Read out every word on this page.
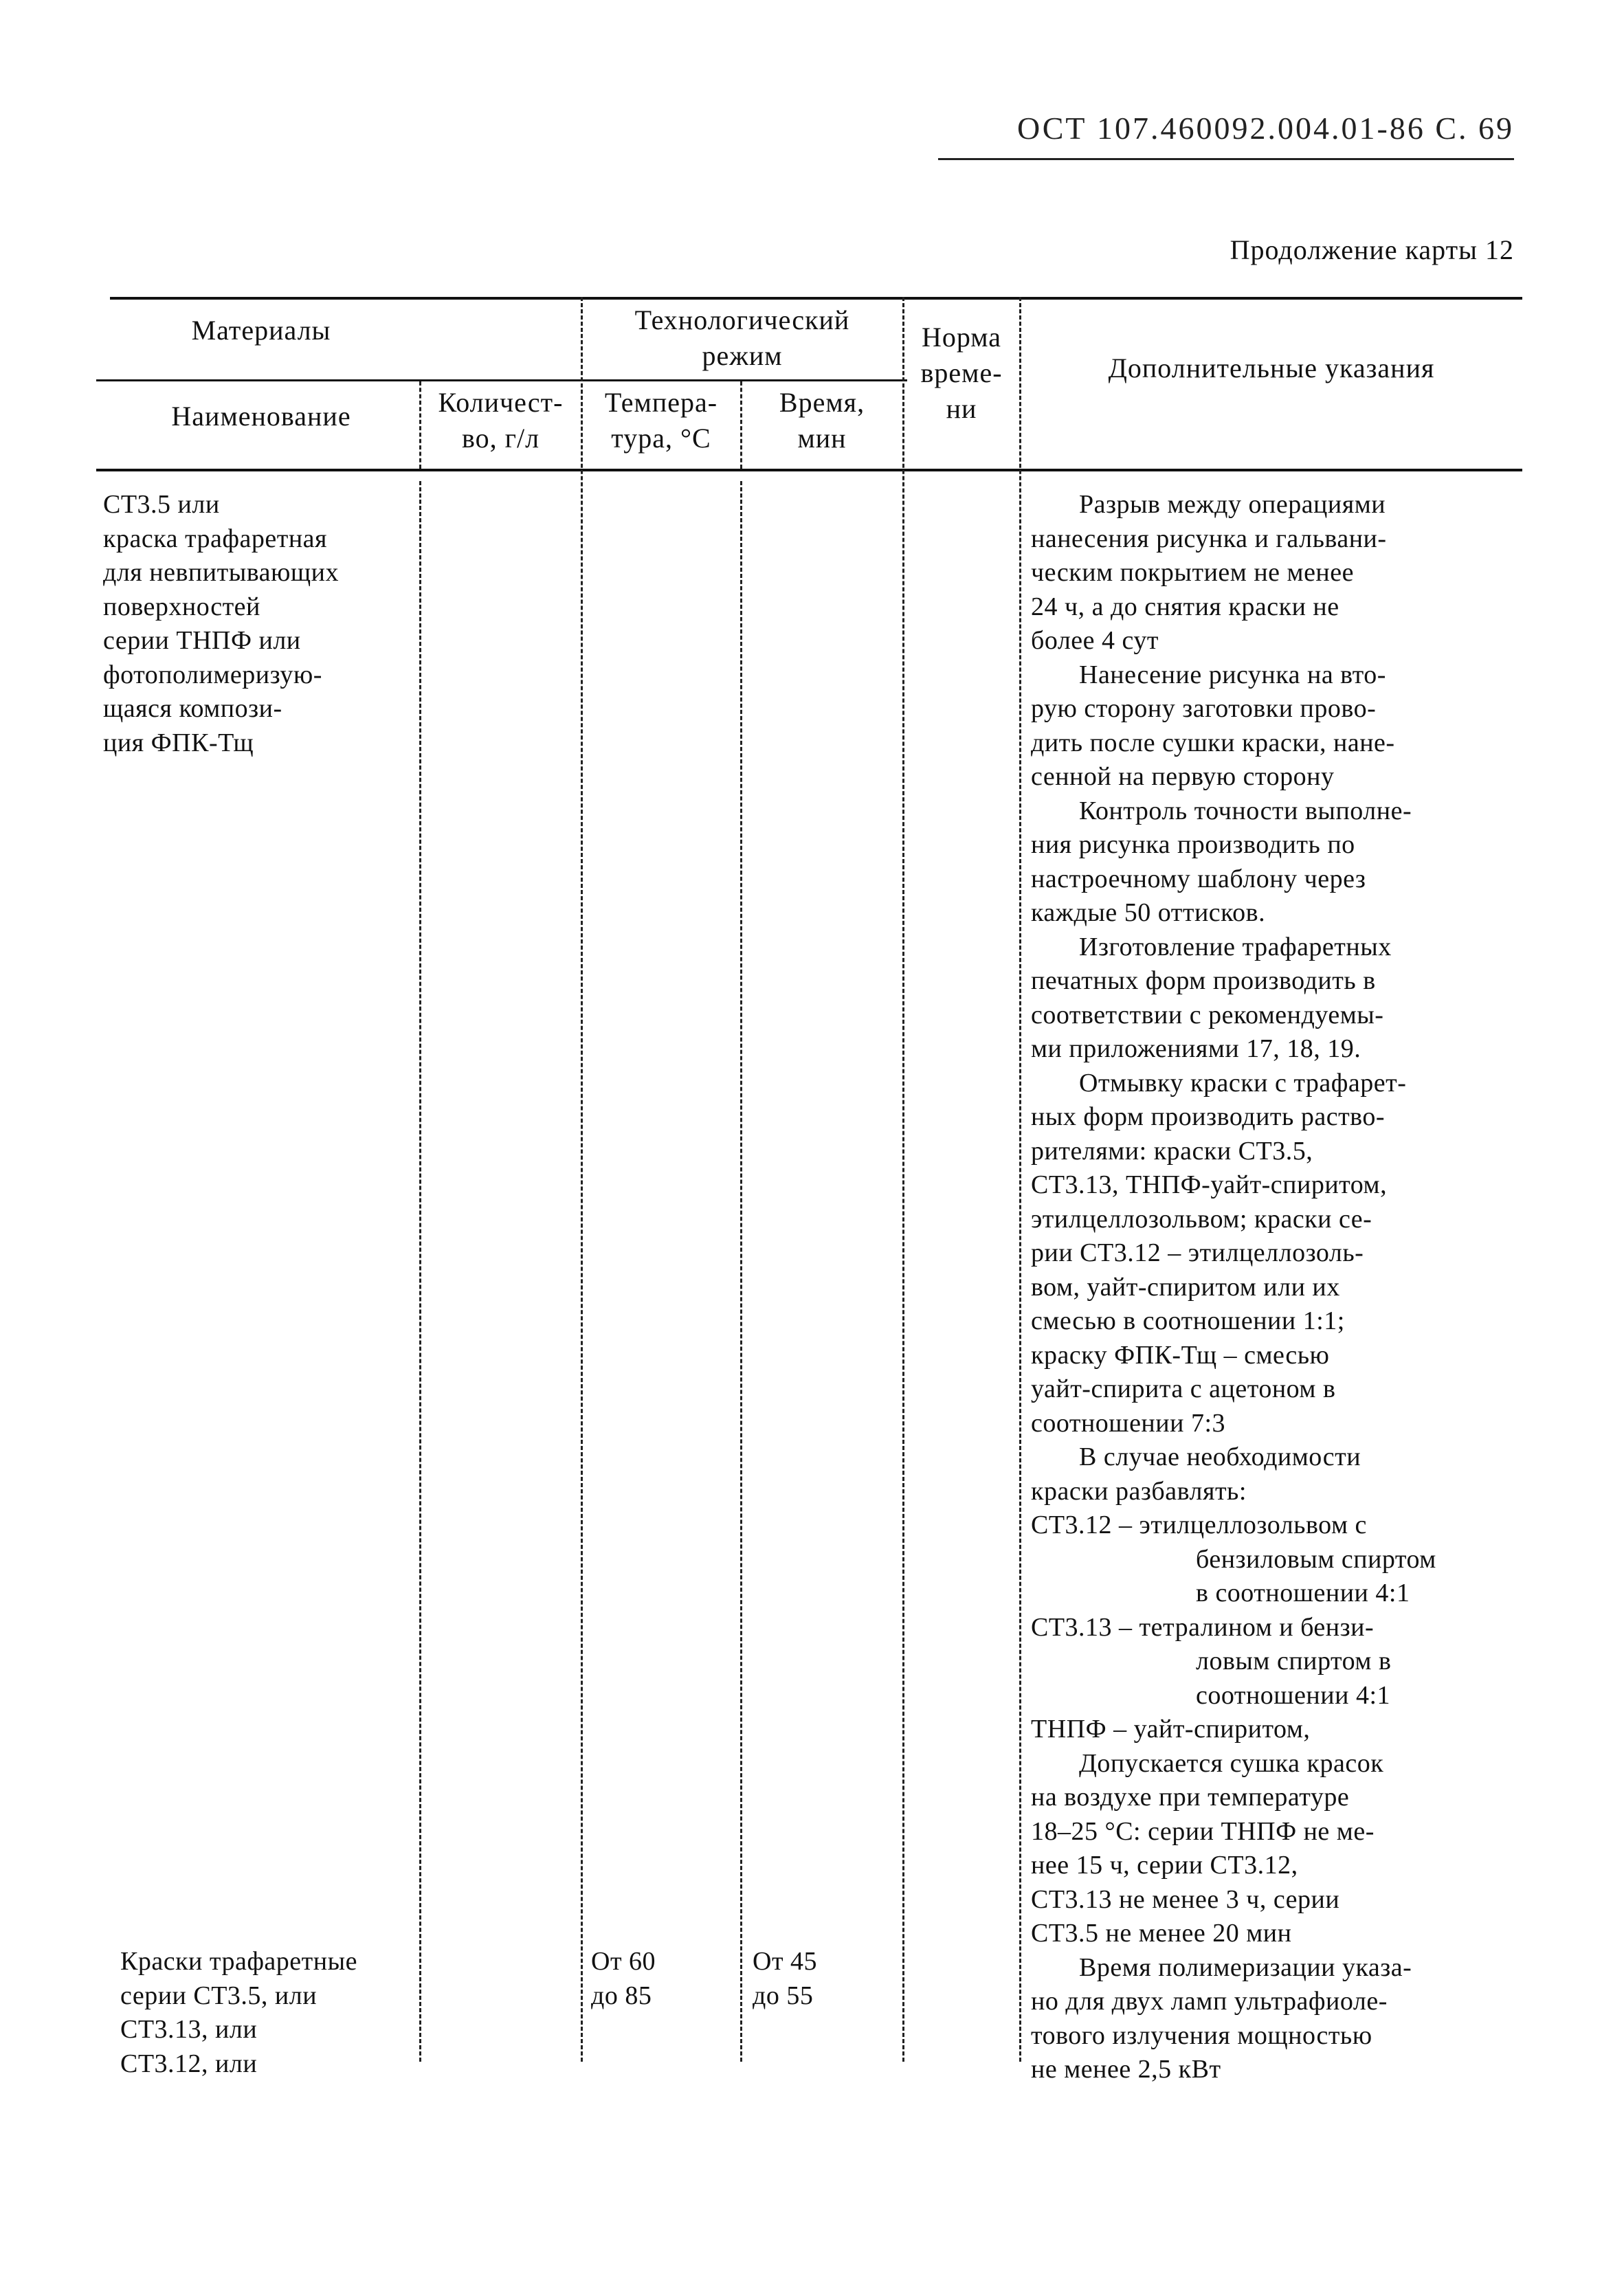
ОСТ 107.460092.004.01-86 С. 69
Продолжение карты 12
Материалы
Наименование	Количест-
во, г/л
Технологический
режим
Темпера-
тура, °C
Время,
мин
Норма
време-
ни
Дополнительные указания
СТ3.5 или
краска трафаретная
для невпитывающих
поверхностей
серии ТНПФ или
фотополимеризую-
щаяся компози-
ция ФПК-Тщ
Краски трафаретные
серии СТ3.5, или
СТ3.13, или
СТ3.12, или
От 60
до 85
От 45
до 55
Разрыв между операциями
нанесения рисунка и гальвани-
ческим покрытием не менее
24 ч, а до снятия краски не
более 4 сут
Нанесение рисунка на вто-
рую сторону заготовки прово-
дить после сушки краски, нане-
сенной на первую сторону
Контроль точности выполне-
ния рисунка производить по
настроечному шаблону через
каждые 50 оттисков.
Изготовление трафаретных
печатных форм производить в
соответствии с рекомендуемы-
ми приложениями 17, 18, 19.
Отмывку краски с трафарет-
ных форм производить раство-
рителями: краски СТ3.5,
СТ3.13, ТНПФ-уайт-спиритом,
этилцеллозольвом; краски се-
рии СТ3.12 – этилцеллозоль-
вом, уайт-спиритом или их
смесью в соотношении 1:1;
краску ФПК-Тщ – смесью
уайт-спирита с ацетоном в
соотношении 7:3
В случае необходимости
краски разбавлять:
СТ3.12 – этилцеллозольвом с
бензиловым спиртом
в соотношении 4:1
СТ3.13 – тетралином и бензи-
ловым спиртом в
соотношении 4:1
ТНПФ – уайт-спиритом,
Допускается сушка красок
на воздухе при температуре
18–25 °C: серии ТНПФ не ме-
нее 15 ч, серии СТ3.12,
СТ3.13 не менее 3 ч, серии
СТ3.5 не менее 20 мин
Время полимеризации указа-
но для двух ламп ультрафиоле-
тового излучения мощностью
не менее 2,5 кВт
